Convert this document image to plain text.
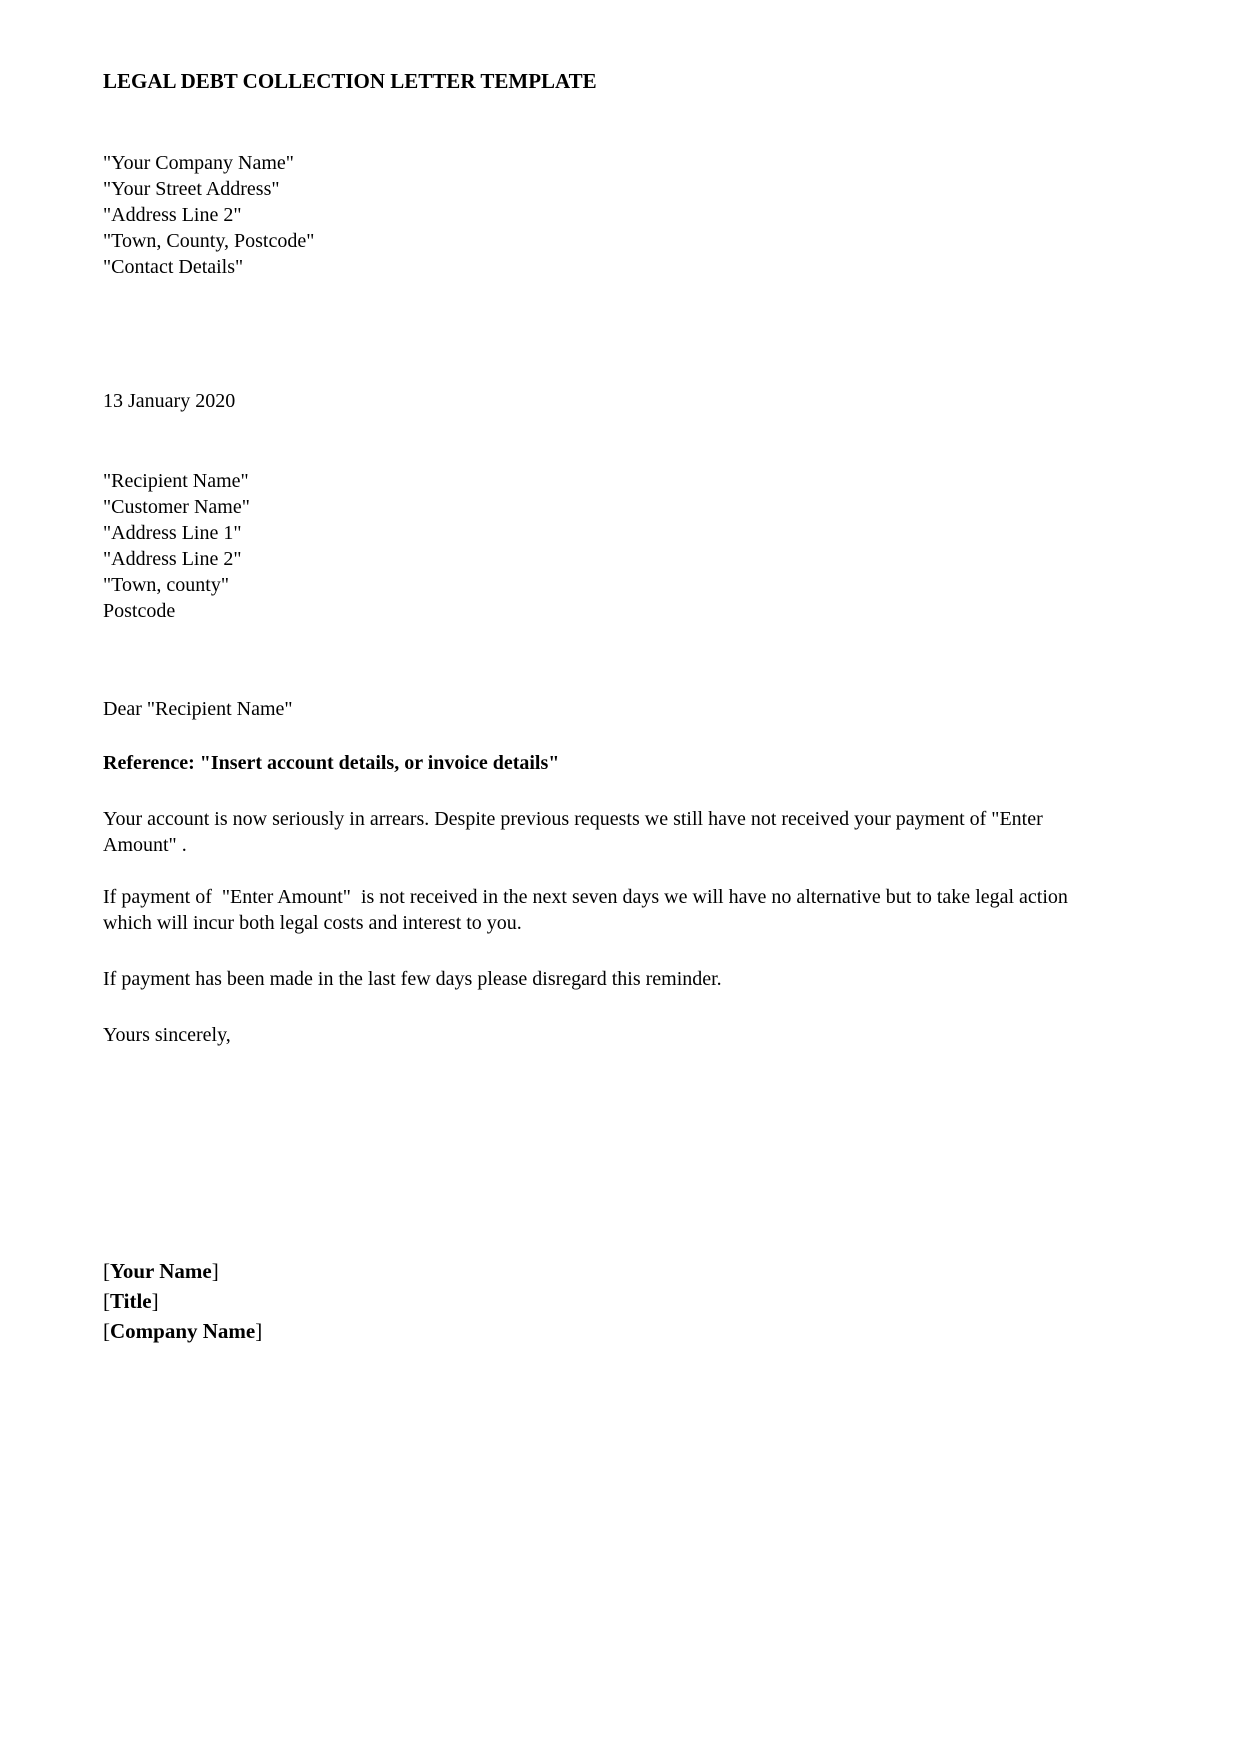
LEGAL DEBT COLLECTION LETTER TEMPLATE
"Your Company Name"
"Your Street Address"
"Address Line 2"
"Town, County, Postcode"
"Contact Details"
13 January 2020
"Recipient Name"
"Customer Name"
"Address Line 1"
"Address Line 2"
"Town, county"
Postcode
Dear "Recipient Name"
Reference: "Insert account details, or invoice details"

Your account is now seriously in arrears. Despite previous requests we still have not received your payment of "Enter Amount" .

If payment of  "Enter Amount"  is not received in the next seven days we will have no alternative but to take legal action which will incur both legal costs and interest to you.

If payment has been made in the last few days please disregard this reminder.

Yours sincerely,
[Your Name]
[Title]
[Company Name]
